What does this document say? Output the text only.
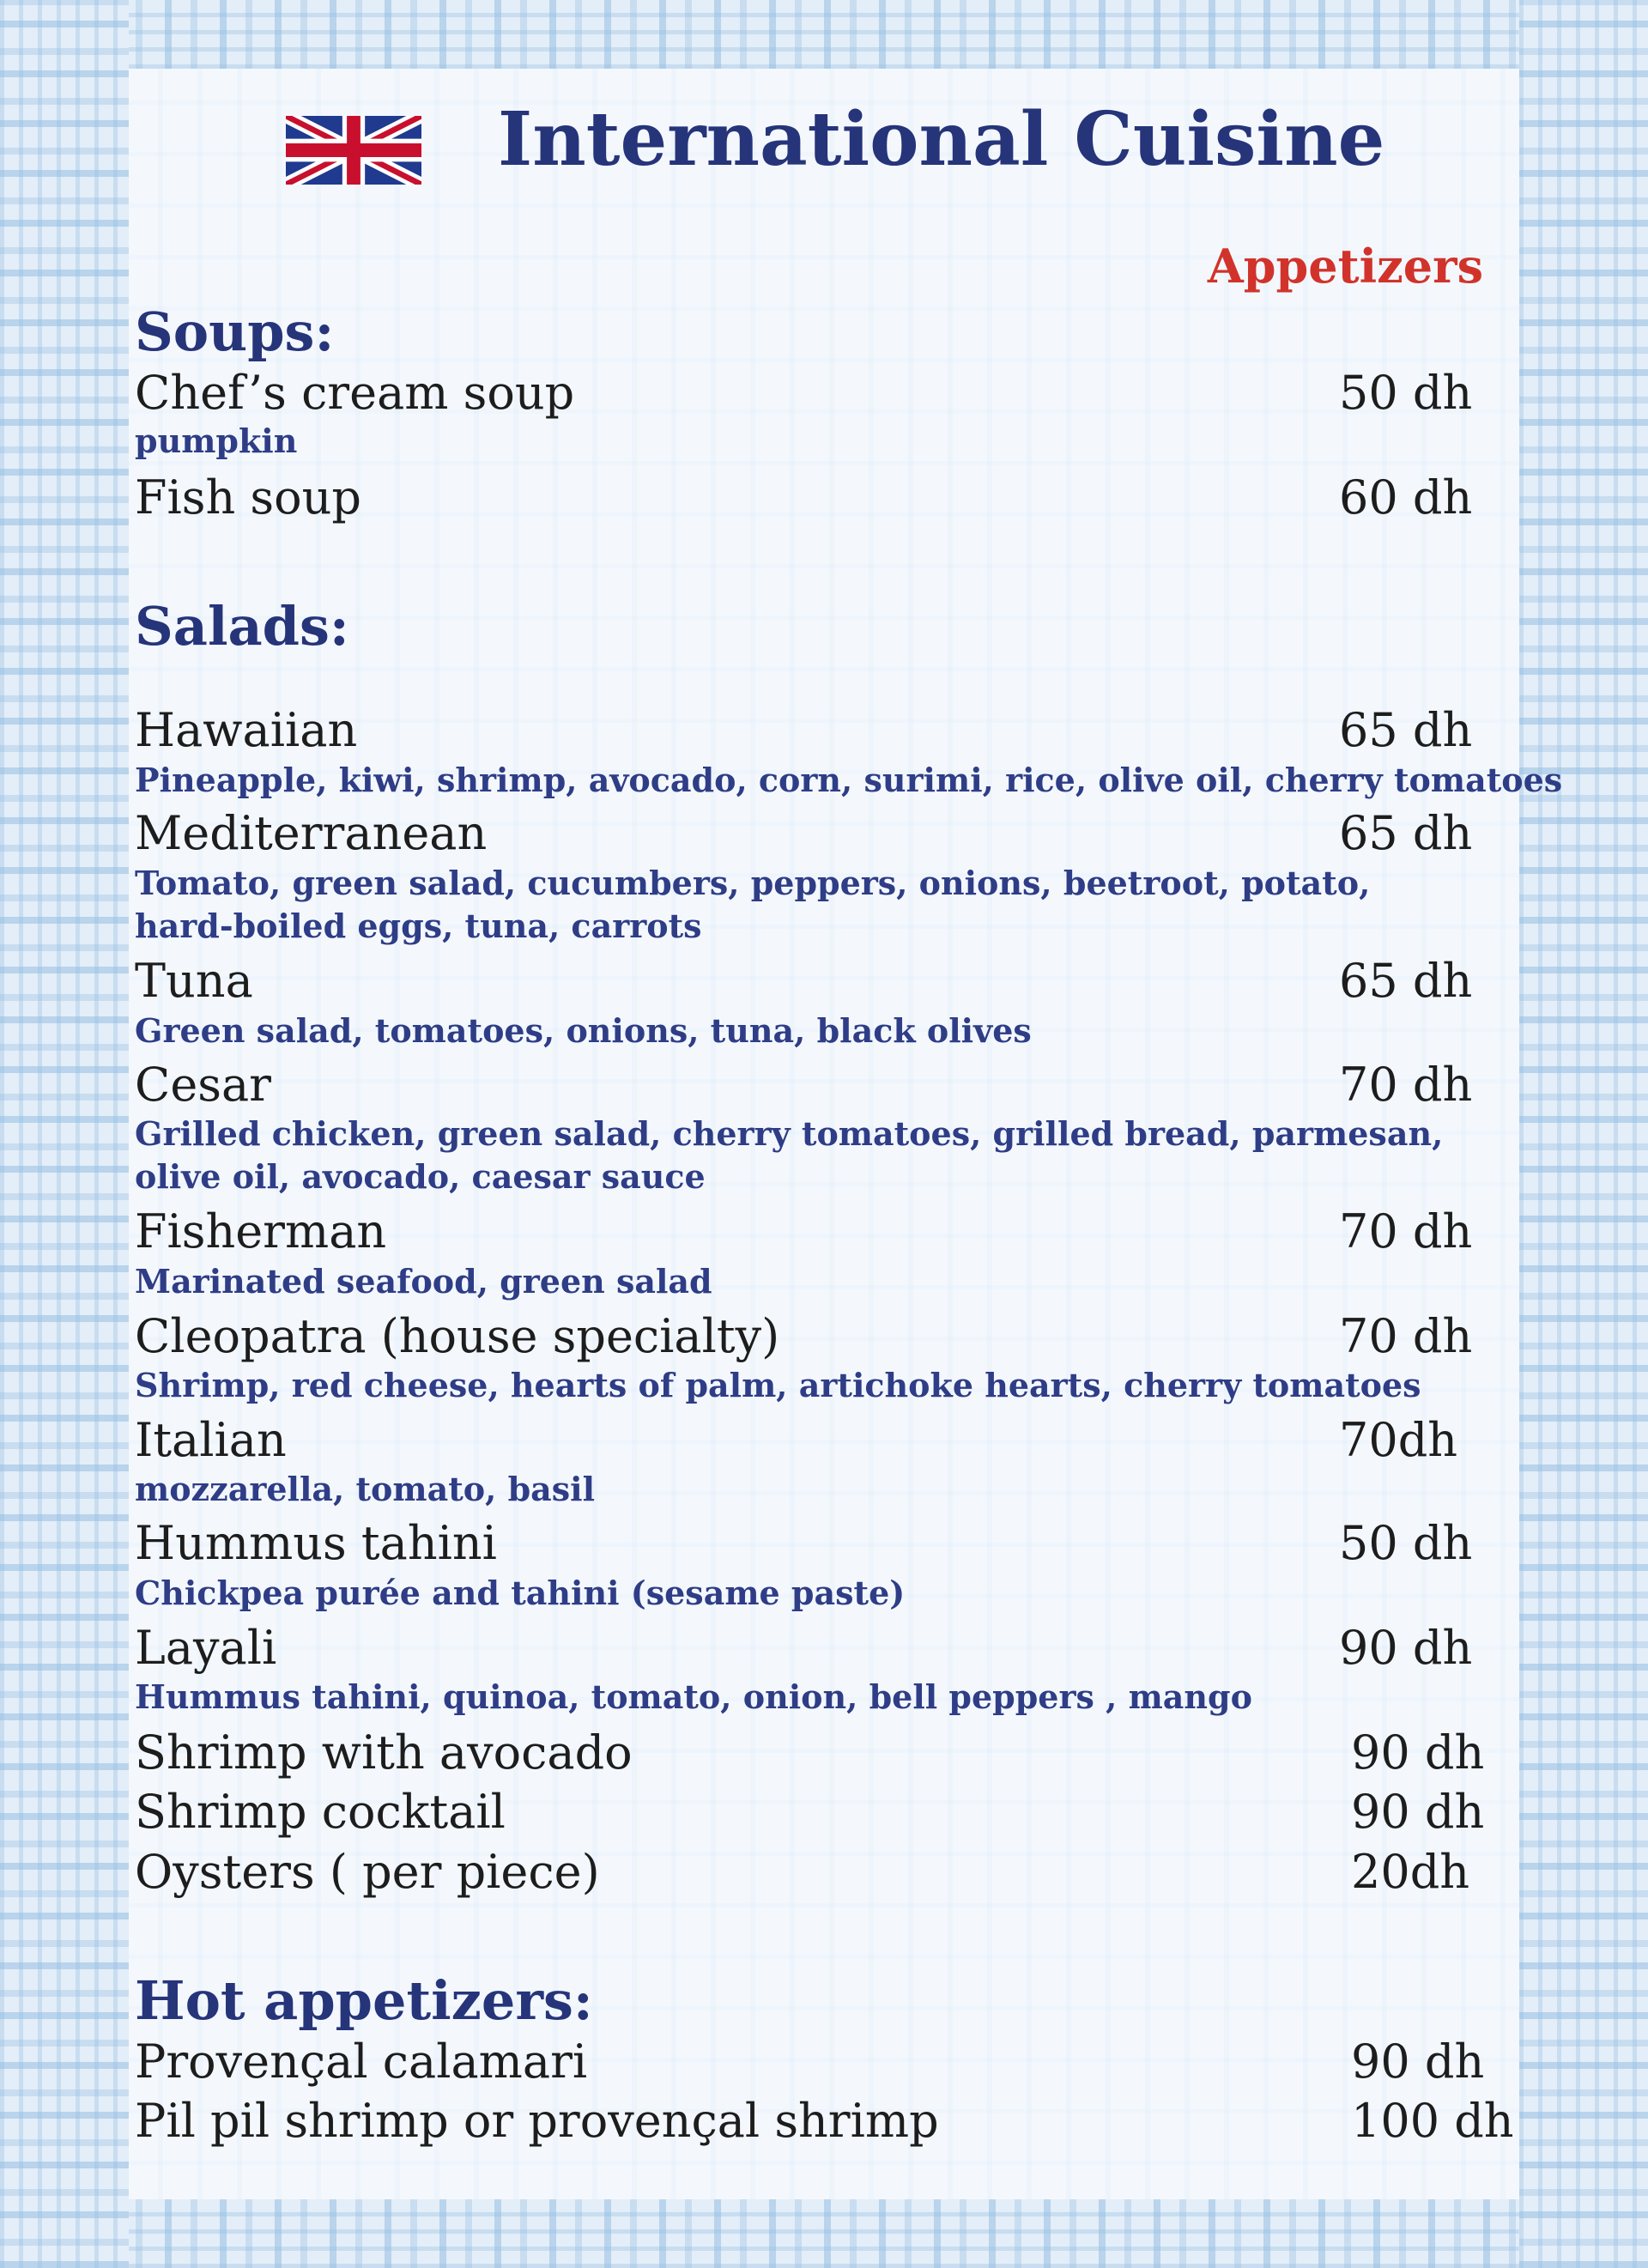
International Cuisine
Appetizers
Soups:
Chef’s cream soup	50 dh
pumpkin
Fish soup	60 dh
Salads:
Hawaiian	65 dh
Pineapple, kiwi, shrimp, avocado, corn, surimi, rice, olive oil, cherry tomatoes
Mediterranean	65 dh
Tomato, green salad, cucumbers, peppers, onions, beetroot, potato,
hard-boiled eggs, tuna, carrots
Tuna	65 dh
Green salad, tomatoes, onions, tuna, black olives
Cesar	70 dh
Grilled chicken, green salad, cherry tomatoes, grilled bread, parmesan,
olive oil, avocado, caesar sauce
Fisherman	70 dh
Marinated seafood, green salad
Cleopatra (house specialty)	70 dh
Shrimp, red cheese, hearts of palm, artichoke hearts, cherry tomatoes
Italian	70dh
mozzarella, tomato, basil
Hummus tahini	50 dh
Chickpea purée and tahini (sesame paste)
Layali	90 dh
Hummus tahini, quinoa, tomato, onion, bell peppers , mango
Shrimp with avocado	90 dh
Shrimp cocktail	90 dh
Oysters ( per piece)	20dh
Hot appetizers:
Provençal calamari	90 dh
Pil pil shrimp or provençal shrimp	100 dh
